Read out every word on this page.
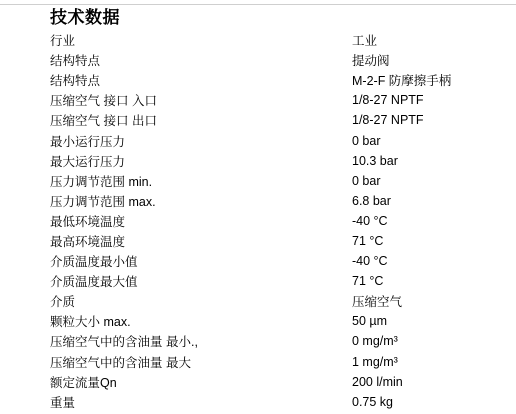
技术数据
行业	工业
结构特点	提动阀
结构特点	M-2-F 防摩擦手柄
压缩空气 接口 入口	1/8-27 NPTF
压缩空气 接口 出口	1/8-27 NPTF
最小运行压力	0 bar
最大运行压力	10.3 bar
压力调节范围 min.	0 bar
压力调节范围 max.	6.8 bar
最低环境温度	-40 °C
最高环境温度	71 °C
介质温度最小值	-40 °C
介质温度最大值	71 °C
介质	压缩空气
颗粒大小 max.	50 µm
压缩空气中的含油量 最小.,	0 mg/m³
压缩空气中的含油量 最大	1 mg/m³
额定流量Qn	200 l/min
重量	0.75 kg
